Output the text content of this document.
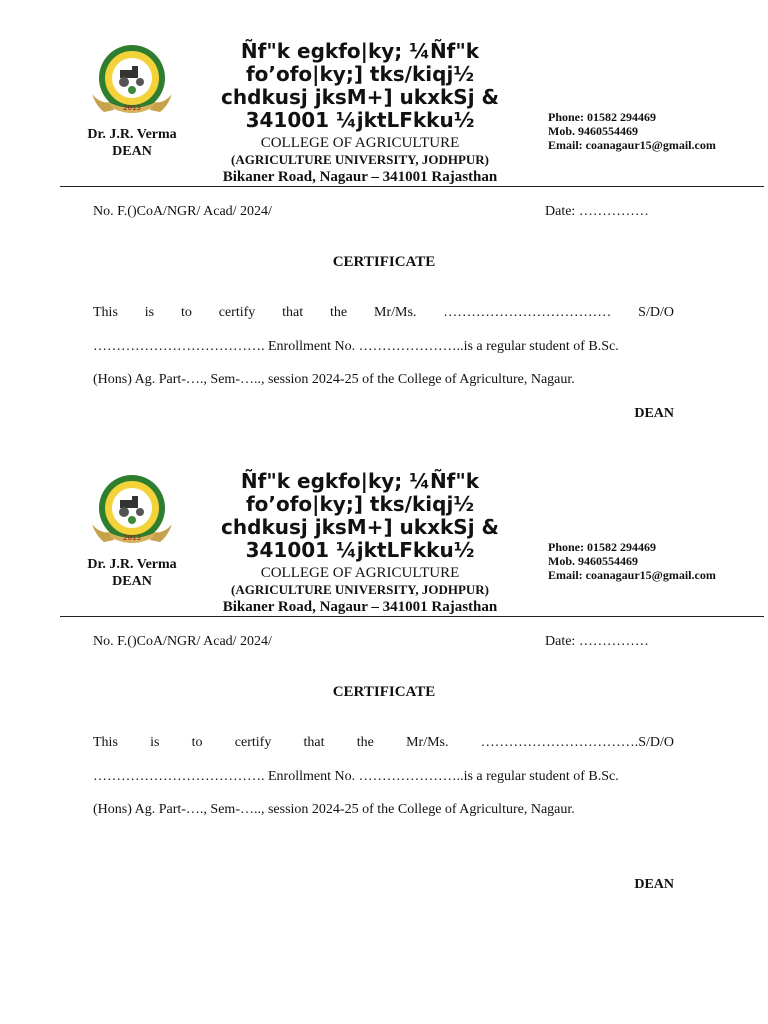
2013
Dr. J.R. Verma
DEAN
Ñf"k egkfo|ky; ¼Ñf"k fo’ofo|ky;] tks/kiqj½ chdkusj jksM+] ukxkSj & 341001 ¼jktLFkku½
COLLEGE OF AGRICULTURE
(AGRICULTURE UNIVERSITY, JODHPUR)
Bikaner Road, Nagaur – 341001 Rajasthan
Phone: 01582 294469
Mob. 9460554469
Email: coanagaur15@gmail.com
No. F.()CoA/NGR/ Acad/ 2024/	Date: ……………
CERTIFICATE
This is to certify that the Mr/Ms. ……………………………… S/D/O
………………………………. Enrollment No. …………………..is a regular student of B.Sc.
(Hons) Ag. Part-…., Sem-….., session 2024-25 of the College of Agriculture, Nagaur.
DEAN
2013
Dr. J.R. Verma
DEAN
Ñf"k egkfo|ky; ¼Ñf"k fo’ofo|ky;] tks/kiqj½ chdkusj jksM+] ukxkSj & 341001 ¼jktLFkku½
COLLEGE OF AGRICULTURE
(AGRICULTURE UNIVERSITY, JODHPUR)
Bikaner Road, Nagaur – 341001 Rajasthan
Phone: 01582 294469
Mob. 9460554469
Email: coanagaur15@gmail.com
No. F.()CoA/NGR/ Acad/ 2024/	Date: ……………
CERTIFICATE
This is to certify that the Mr/Ms. …………………………….S/D/O
………………………………. Enrollment No. …………………..is a regular student of B.Sc.
(Hons) Ag. Part-…., Sem-….., session 2024-25 of the College of Agriculture, Nagaur.
DEAN
